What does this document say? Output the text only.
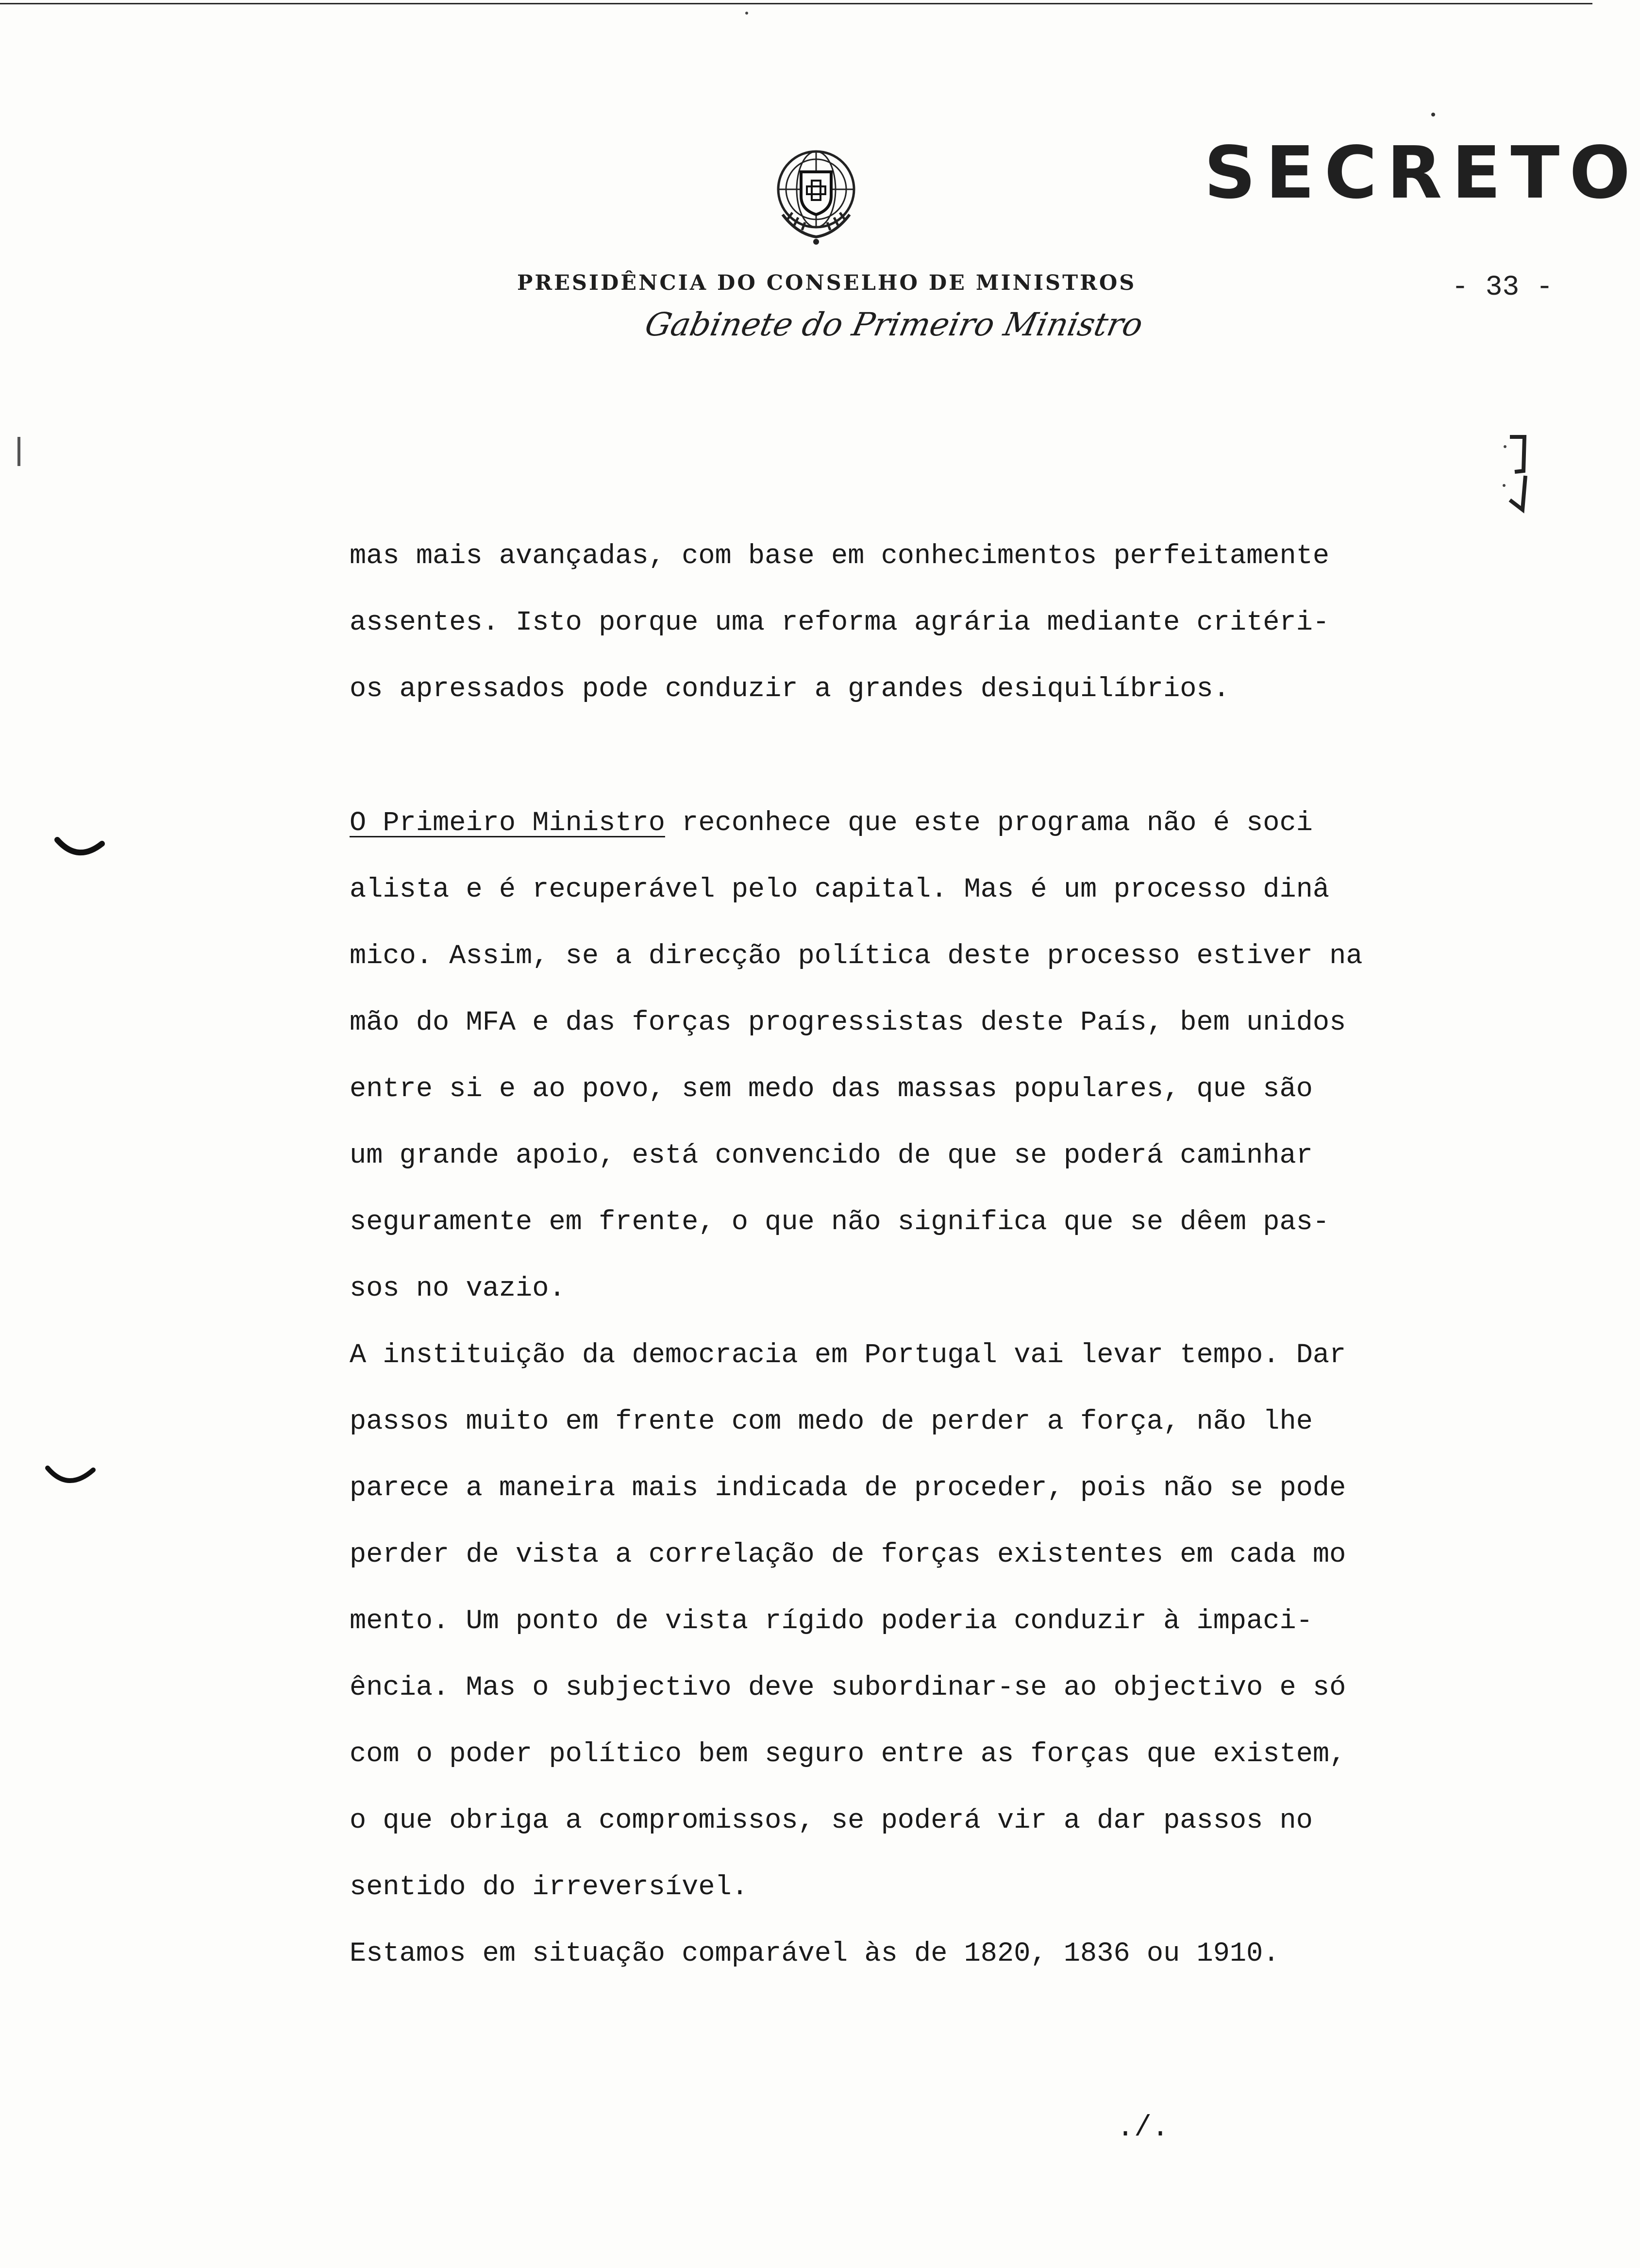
SECRETO
PRESIDÊNCIA DO CONSELHO DE MINISTROS
Gabinete do Primeiro Ministro
- 33 -
mas mais avançadas, com base em conhecimentos perfeitamente
assentes. Isto porque uma reforma agrária mediante critéri-
os apressados pode conduzir a grandes desiquilíbrios.
O Primeiro Ministro reconhece que este programa não é soci
alista e é recuperável pelo capital. Mas é um processo dinâ
mico. Assim, se a direcção política deste processo estiver na
mão do MFA e das forças progressistas deste País, bem unidos
entre si e ao povo, sem medo das massas populares, que são
um grande apoio, está convencido de que se poderá caminhar
seguramente em frente, o que não significa que se dêem pas-
sos no vazio.
A instituição da democracia em Portugal vai levar tempo. Dar
passos muito em frente com medo de perder a força, não lhe
parece a maneira mais indicada de proceder, pois não se pode
perder de vista a correlação de forças existentes em cada mo
mento. Um ponto de vista rígido poderia conduzir à impaci-
ência. Mas o subjectivo deve subordinar-se ao objectivo e só
com o poder político bem seguro entre as forças que existem,
o que obriga a compromissos, se poderá vir a dar passos no
sentido do irreversível.
Estamos em situação comparável às de 1820, 1836 ou 1910.
./.
